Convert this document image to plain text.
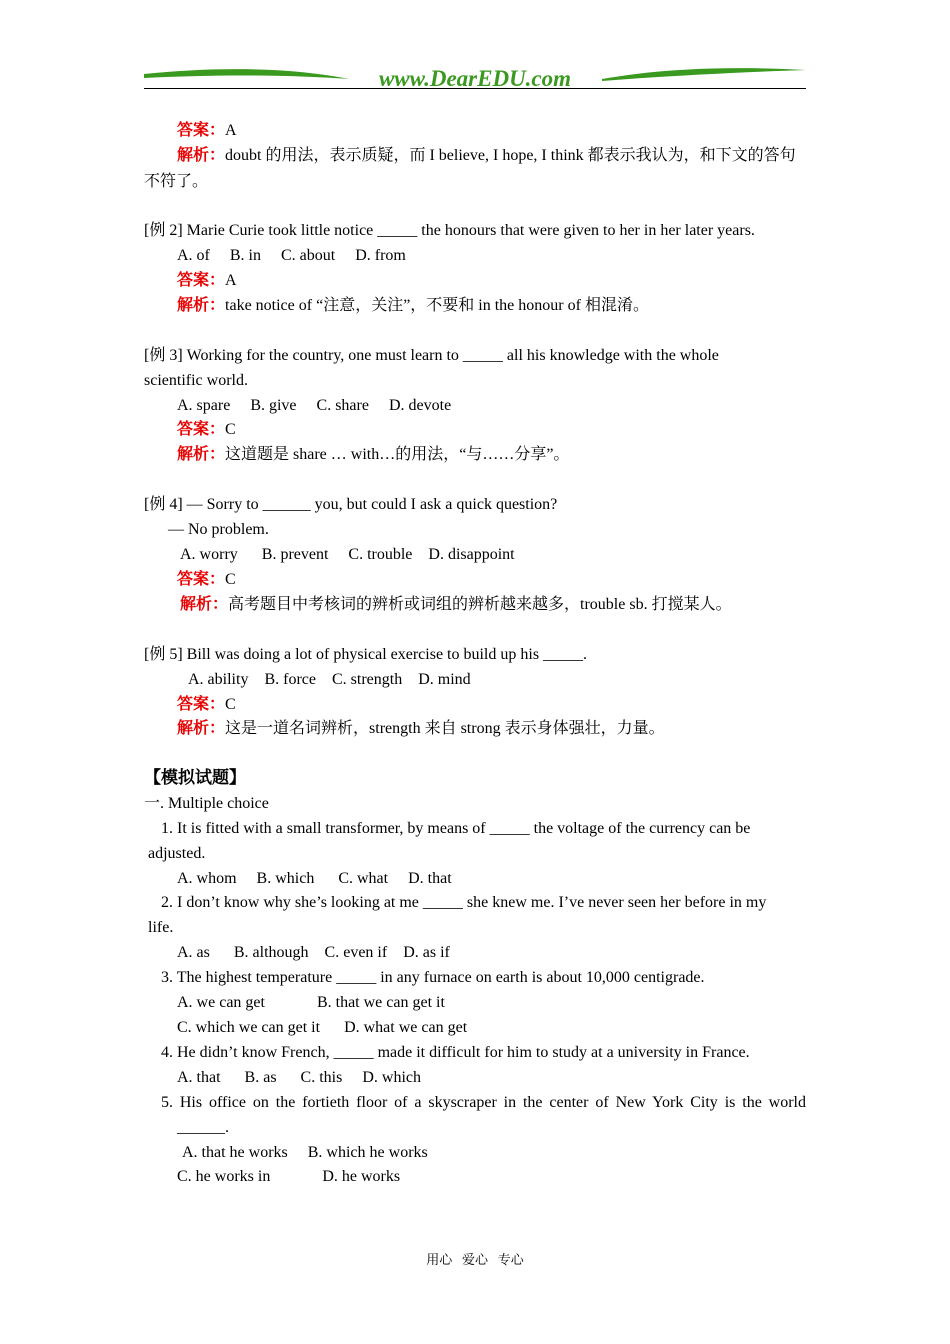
www.DearEDU.com
答案：A
解析：doubt 的用法，表示质疑，而 I believe, I hope, I think 都表示我认为，和下文的答句
不符了。
[例 2] Marie Curie took little notice _____ the honours that were given to her in her later years.
A. of     B. in     C. about     D. from
答案：A
解析：take notice of “注意，关注”，不要和 in the honour of 相混淆。
[例 3] Working for the country, one must learn to _____ all his knowledge with the whole
scientific world.
A. spare     B. give     C. share     D. devote
答案：C
解析：这道题是 share … with…的用法，“与……分享”。
[例 4] — Sorry to ______ you, but could I ask a quick question?
— No problem.
A. worry      B. prevent     C. trouble    D. disappoint
答案：C
解析：高考题目中考核词的辨析或词组的辨析越来越多，trouble sb. 打搅某人。
[例 5] Bill was doing a lot of physical exercise to build up his _____.
A. ability    B. force    C. strength    D. mind
答案：C
解析：这是一道名词辨析，strength 来自 strong 表示身体强壮，力量。
【模拟试题】
一. Multiple choice
1. It is fitted with a small transformer, by means of _____ the voltage of the currency can be
adjusted.
A. whom     B. which      C. what     D. that
2. I don’t know why she’s looking at me _____ she knew me. I’ve never seen her before in my
life.
A. as      B. although    C. even if    D. as if
3. The highest temperature _____ in any furnace on earth is about 10,000 centigrade.
A. we can get             B. that we can get it
C. which we can get it      D. what we can get
4. He didn’t know French, _____ made it difficult for him to study at a university in France.
A. that      B. as      C. this     D. which
5. His office on the fortieth floor of a skyscraper in the center of New York City is the world
______.
A. that he works     B. which he works
C. he works in             D. he works
用心   爱心   专心
